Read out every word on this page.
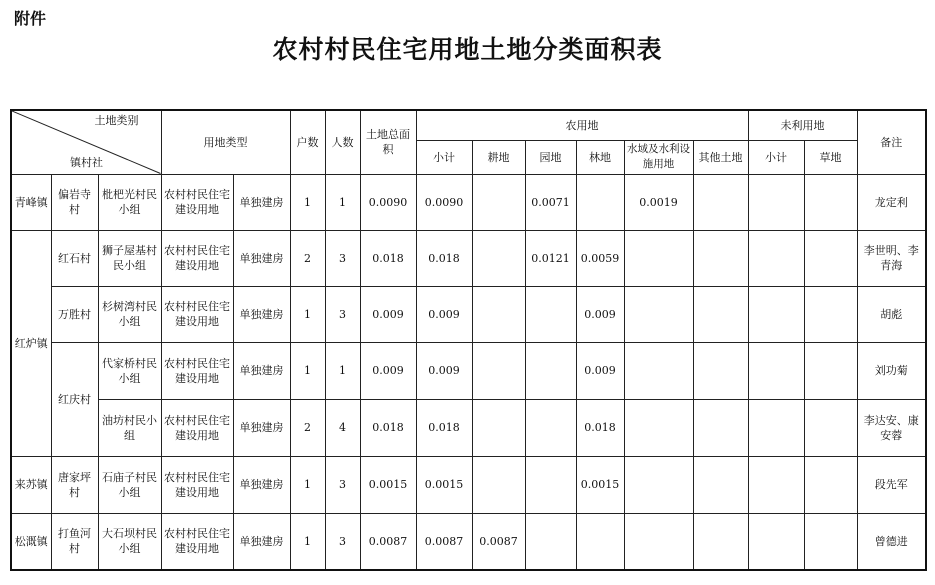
附件
农村村民住宅用地土地分类面积表
土地类别
镇村社			用地类型		户数	人数	土地总面积	农用地						未利用地		备注
								小计	耕地	园地	林地	水域及水利设施用地	其他土地	小计	草地	
青峰镇	偏岩寺村	枇杷光村民小组	农村村民住宅建设用地	单独建房	1	1	0.0090	0.0090		0.0071		0.0019				龙定利
红炉镇	红石村	狮子屋基村民小组	农村村民住宅建设用地	单独建房	2	3	0.018	0.018		0.0121	0.0059					李世明、李青海
	万胜村	杉树湾村民小组	农村村民住宅建设用地	单独建房	1	3	0.009	0.009			0.009					胡彪
	红庆村	代家桥村民小组	农村村民住宅建设用地	单独建房	1	1	0.009	0.009			0.009					刘功菊
		油坊村民小组	农村村民住宅建设用地	单独建房	2	4	0.018	0.018			0.018					李达安、康安蓉
来苏镇	唐家坪村	石庙子村民小组	农村村民住宅建设用地	单独建房	1	3	0.0015	0.0015			0.0015					段先军
松溉镇	打鱼河村	大石坝村民小组	农村村民住宅建设用地	单独建房	1	3	0.0087	0.0087	0.0087							曾德进
